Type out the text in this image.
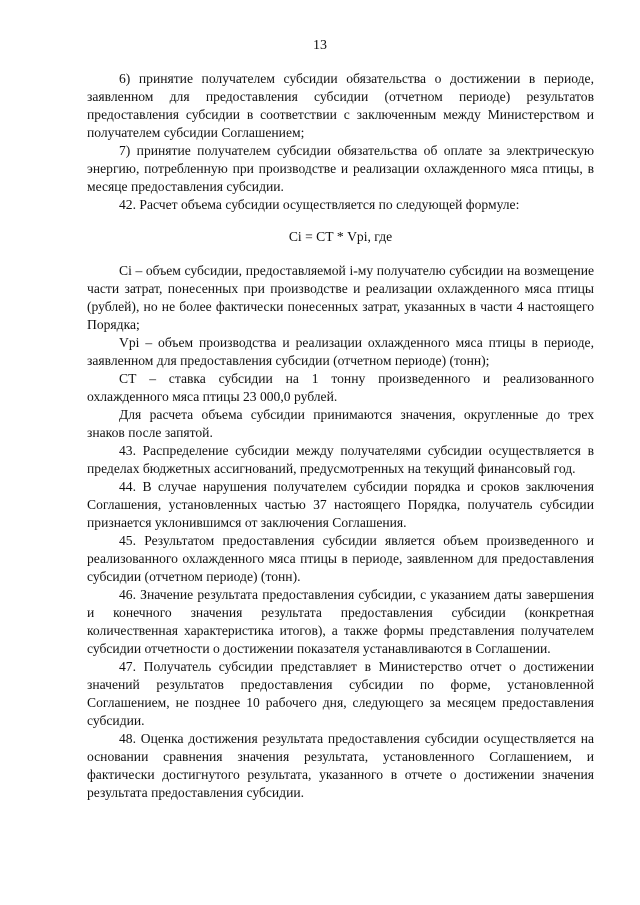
13

6) принятие получателем субсидии обязательства о достижении в периоде, заявленном для предоставления субсидии (отчетном периоде) результатов предоставления субсидии в соответствии с заключенным между Министерством и получателем субсидии Соглашением;

7) принятие получателем субсидии обязательства об оплате за электрическую энергию, потребленную при производстве и реализации охлажденного мяса птицы, в месяце предоставления субсидии.

42. Расчет объема субсидии осуществляется по следующей формуле:

Ci = СТ * Vpi, где

Ci – объем субсидии, предоставляемой i-му получателю субсидии на возмещение части затрат, понесенных при производстве и реализации охлажденного мяса птицы (рублей), но не более фактически понесенных затрат, указанных в части 4 настоящего Порядка;

Vpi – объем производства и реализации охлажденного мяса птицы в периоде, заявленном для предоставления субсидии (отчетном периоде) (тонн);

СТ – ставка субсидии на 1 тонну произведенного и реализованного охлажденного мяса птицы 23 000,0 рублей.

Для расчета объема субсидии принимаются значения, округленные до трех знаков после запятой.

43. Распределение субсидии между получателями субсидии осуществляется в пределах бюджетных ассигнований, предусмотренных на текущий финансовый год.

44. В случае нарушения получателем субсидии порядка и сроков заключения Соглашения, установленных частью 37 настоящего Порядка, получатель субсидии признается уклонившимся от заключения Соглашения.

45. Результатом предоставления субсидии является объем произведенного и реализованного охлажденного мяса птицы в периоде, заявленном для предоставления субсидии (отчетном периоде) (тонн).

46. Значение результата предоставления субсидии, с указанием даты завершения и конечного значения результата предоставления субсидии (конкретная количественная характеристика итогов), а также формы представления получателем субсидии отчетности о достижении показателя устанавливаются в Соглашении.

47. Получатель субсидии представляет в Министерство отчет о достижении значений результатов предоставления субсидии по форме, установленной Соглашением, не позднее 10 рабочего дня, следующего за месяцем предоставления субсидии.

48. Оценка достижения результата предоставления субсидии осуществляется на основании сравнения значения результата, установленного Соглашением, и фактически достигнутого результата, указанного в отчете о достижении значения результата предоставления субсидии.
